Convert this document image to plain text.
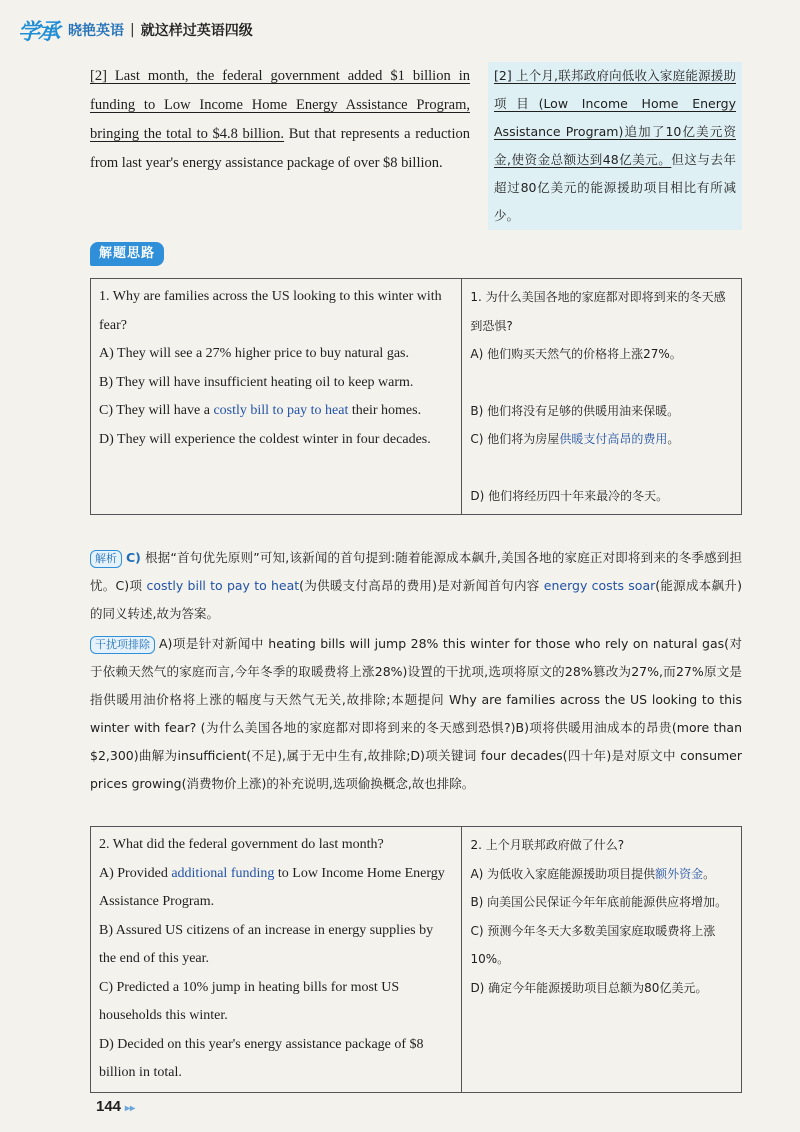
学承 晓艳英语 | 就这样过英语四级
[2] Last month, the federal government added $1 billion in funding to Low Income Home Energy Assistance Program, bringing the total to $4.8 billion. But that represents a reduction from last year's energy assistance package of over $8 billion.
[2] 上个月,联邦政府向低收入家庭能源援助项目(Low Income Home Energy Assistance Program)追加了10亿美元资金,使资金总额达到48亿美元。但这与去年超过80亿美元的能源援助项目相比有所减少。
解题思路
1. Why are families across the US looking to this winter with fear?
A) They will see a 27% higher price to buy natural gas.
B) They will have insufficient heating oil to keep warm.
C) They will have a costly bill to pay to heat their homes.
D) They will experience the coldest winter in four decades.

1. 为什么美国各地的家庭都对即将到来的冬天感到恐惧?
A) 他们购买天然气的价格将上涨27%。
B) 他们将没有足够的供暖用油来保暖。
C) 他们将为房屋供暖支付高昂的费用。
D) 他们将经历四十年来最冷的冬天。
解析 C) 根据“首句优先原则”可知,该新闻的首句提到:随着能源成本飙升,美国各地的家庭正对即将到来的冬季感到担忧。C)项 costly bill to pay to heat(为供暖支付高昂的费用)是对新闻首句内容 energy costs soar(能源成本飙升)的同义转述,故为答案。
干扰项排除 A)项是针对新闻中 heating bills will jump 28% this winter for those who rely on natural gas(对于依赖天然气的家庭而言,今年冬季的取暖费将上涨28%)设置的干扰项,选项将原文的28%篡改为27%,而27%原文是指供暖用油价格将上涨的幅度与天然气无关,故排除;本题提问 Why are families across the US looking to this winter with fear? (为什么美国各地的家庭都对即将到来的冬天感到恐惧?)B)项将供暖用油成本的昂贵(more than $2,300)曲解为insufficient(不足),属于无中生有,故排除;D)项关键词 four decades(四十年)是对原文中 consumer prices growing(消费物价上涨)的补充说明,选项偷换概念,故也排除。
2. What did the federal government do last month?
A) Provided additional funding to Low Income Home Energy Assistance Program.
B) Assured US citizens of an increase in energy supplies by the end of this year.
C) Predicted a 10% jump in heating bills for most US households this winter.
D) Decided on this year's energy assistance package of $8 billion in total.

2. 上个月联邦政府做了什么?
A) 为低收入家庭能源援助项目提供额外资金。
B) 向美国公民保证今年年底前能源供应将增加。
C) 预测今年冬天大多数美国家庭取暖费将上涨10%。
D) 确定今年能源援助项目总额为80亿美元。
144 ▸▸
